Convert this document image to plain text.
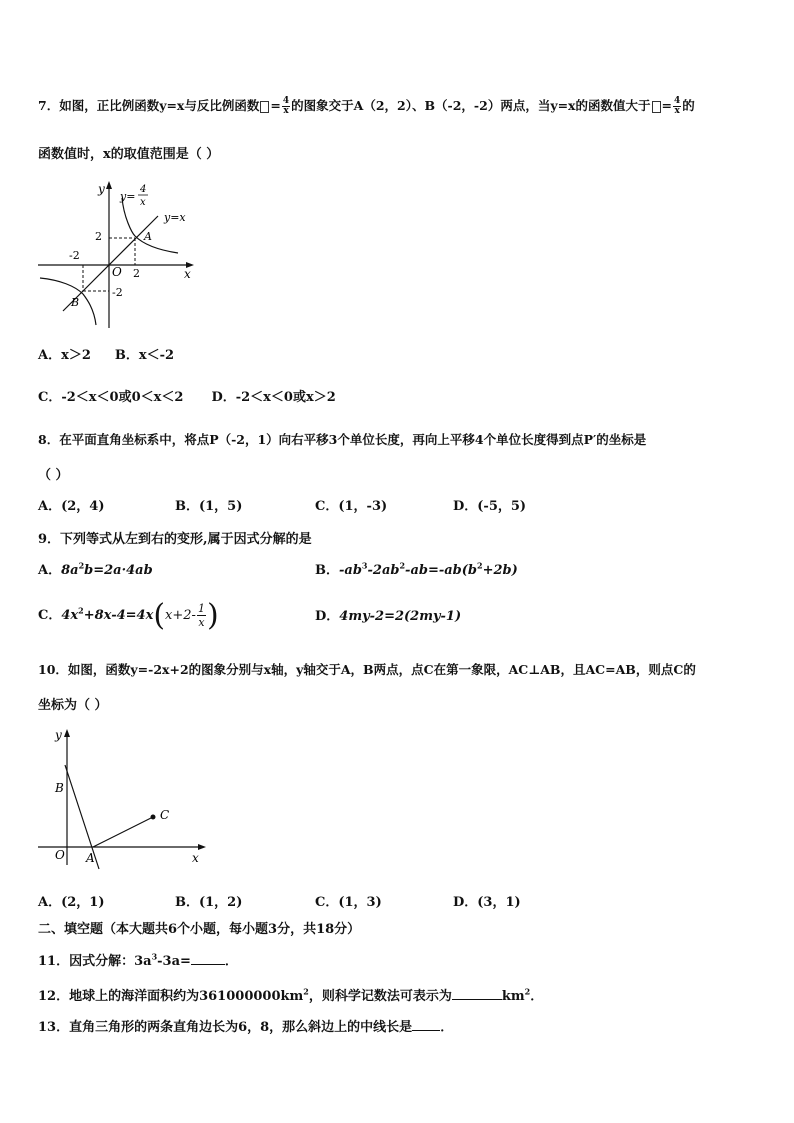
7．如图，正比例函数y=x与反比例函数 = $\frac{4}{x}$ 的图象交于A（2，2）、B（-2，-2）两点，当y=x的函数值大于 = $\frac{4}{x}$ 的
函数值时，x的取值范围是（ ）
y
x
O
y=
4
x
y=x
2
-2
2
-2
A
B
A．x＞2 B．x＜-2
C．-2＜x＜0或0＜x＜2 D．-2＜x＜0或x＞2
8．在平面直角坐标系中，将点P（-2，1）向右平移3个单位长度，再向上平移4个单位长度得到点P′的坐标是
（ ）
A．(2，4)	B．(1，5)	C．(1，-3)	D．(-5，5)
9．下列等式从左到右的变形,属于因式分解的是
A．$8a^2b=2a\cdot 4ab$	B．$-ab^3-2ab^2-ab=-ab(b^2+2b)$
C．$4x^2+8x-4=4x(x+2- \frac{1}{x}$ )	D．4my-2=2(2my-1)
10．如图，函数y=-2x+2的图象分别与x轴，y轴交于A，B两点，点C在第一象限，AC⊥AB，且AC=AB，则点C的
坐标为（ ）
y
x
O
B
A
C
A．(2，1)	B．(1，2)	C．(1，3)	D．(3，1)
二、填空题（本大题共6个小题，每小题3分，共18分）
11．因式分解：$3a^3-3a=$	．
12．地球上的海洋面积约为$361000000km^2$，则科学记数法可表示为	$km^2$．
13．直角三角形的两条直角边长为6，8，那么斜边上的中线长是 ．
